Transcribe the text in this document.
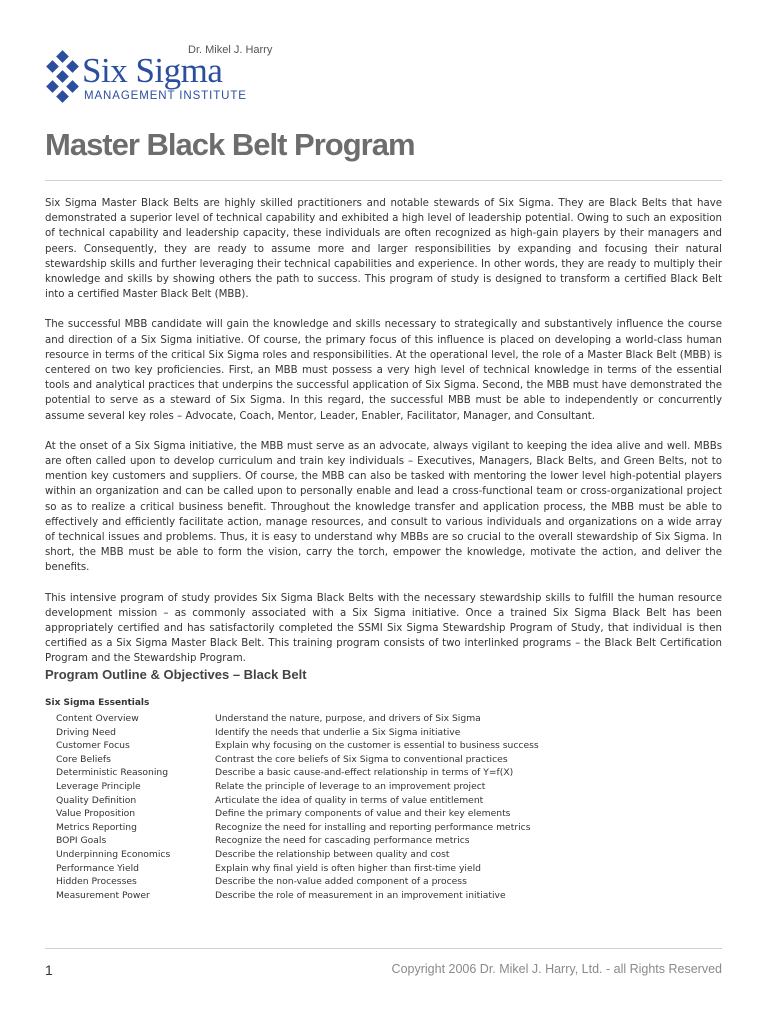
Dr. Mikel J. Harry
Six Sigma
MANAGEMENT INSTITUTE
Master Black Belt Program

Six Sigma Master Black Belts are highly skilled practitioners and notable stewards of Six Sigma. They are Black Belts that have demonstrated a superior level of technical capability and exhibited a high level of leadership potential. Owing to such an exposition of technical capability and leadership capacity, these individuals are often recognized as high-gain players by their managers and peers. Consequently, they are ready to assume more and larger responsibilities by expanding and focusing their natural stewardship skills and further leveraging their technical capabilities and experience. In other words, they are ready to multiply their knowledge and skills by showing others the path to success. This program of study is designed to transform a certified Black Belt into a certified Master Black Belt (MBB).

The successful MBB candidate will gain the knowledge and skills necessary to strategically and substantively influence the course and direction of a Six Sigma initiative. Of course, the primary focus of this influence is placed on developing a world-class human resource in terms of the critical Six Sigma roles and responsibilities. At the operational level, the role of a Master Black Belt (MBB) is centered on two key proficiencies. First, an MBB must possess a very high level of technical knowledge in terms of the essential tools and analytical practices that underpins the successful application of Six Sigma. Second, the MBB must have demonstrated the potential to serve as a steward of Six Sigma. In this regard, the successful MBB must be able to independently or concurrently assume several key roles – Advocate, Coach, Mentor, Leader, Enabler, Facilitator, Manager, and Consultant.

At the onset of a Six Sigma initiative, the MBB must serve as an advocate, always vigilant to keeping the idea alive and well. MBBs are often called upon to develop curriculum and train key individuals – Executives, Managers, Black Belts, and Green Belts, not to mention key customers and suppliers. Of course, the MBB can also be tasked with mentoring the lower level high-potential players within an organization and can be called upon to personally enable and lead a cross-functional team or cross-organizational project so as to realize a critical business benefit. Throughout the knowledge transfer and application process, the MBB must be able to effectively and efficiently facilitate action, manage resources, and consult to various individuals and organizations on a wide array of technical issues and problems. Thus, it is easy to understand why MBBs are so crucial to the overall stewardship of Six Sigma. In short, the MBB must be able to form the vision, carry the torch, empower the knowledge, motivate the action, and deliver the benefits.

This intensive program of study provides Six Sigma Black Belts with the necessary stewardship skills to fulfill the human resource development mission – as commonly associated with a Six Sigma initiative. Once a trained Six Sigma Black Belt has been appropriately certified and has satisfactorily completed the SSMI Six Sigma Stewardship Program of Study, that individual is then certified as a Six Sigma Master Black Belt. This training program consists of two interlinked programs – the Black Belt Certification Program and the Stewardship Program.

Program Outline & Objectives – Black Belt
Six Sigma Essentials
Content Overview	Understand the nature, purpose, and drivers of Six Sigma
Driving Need	Identify the needs that underlie a Six Sigma initiative
Customer Focus	Explain why focusing on the customer is essential to business success
Core Beliefs	Contrast the core beliefs of Six Sigma to conventional practices
Deterministic Reasoning	Describe a basic cause-and-effect relationship in terms of Y=f(X)
Leverage Principle	Relate the principle of leverage to an improvement project
Quality Definition	Articulate the idea of quality in terms of value entitlement
Value Proposition	Define the primary components of value and their key elements
Metrics Reporting	Recognize the need for installing and reporting performance metrics
BOPI Goals	Recognize the need for cascading performance metrics
Underpinning Economics	Describe the relationship between quality and cost
Performance Yield	Explain why final yield is often higher than first-time yield
Hidden Processes	Describe the non-value added component of a process
Measurement Power	Describe the role of measurement in an improvement initiative
1	Copyright 2006 Dr. Mikel J. Harry, Ltd. - all Rights Reserved
